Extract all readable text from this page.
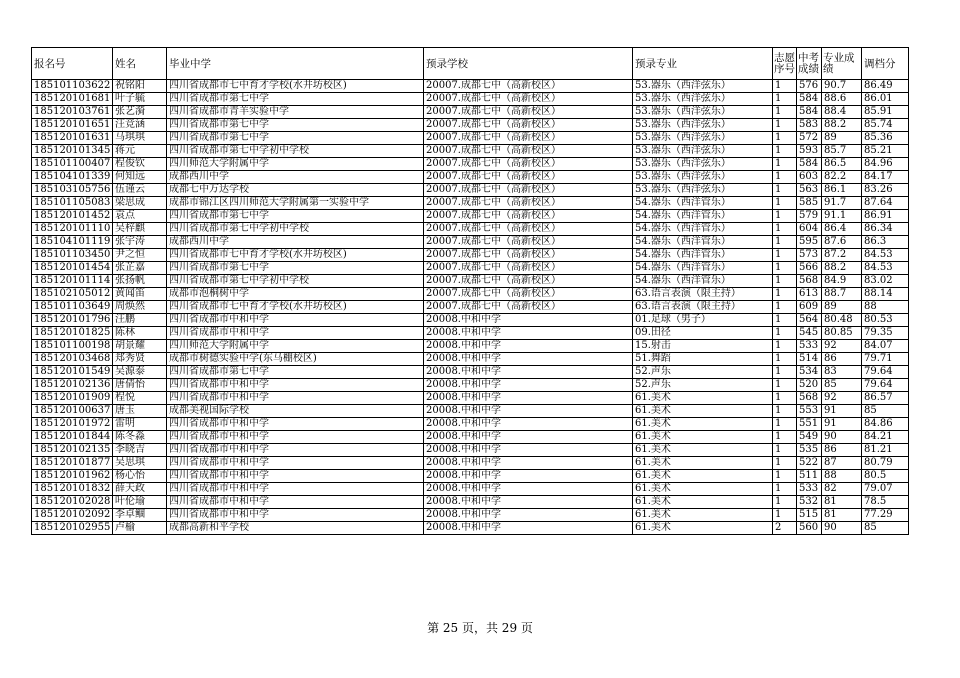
报名号	姓名	毕业中学	预录学校	预录专业	志愿序号	中考成绩	专业成绩	调档分
185101103622	祝铭阳	四川省成都市七中育才学校(水井坊校区)	20007.成都七中（高新校区）	53.器乐（西洋弦乐）	1	576	90.7	86.49
185120101681	叶子毓	四川省成都市第七中学	20007.成都七中（高新校区）	53.器乐（西洋弦乐）	1	584	88.6	86.01
185120103761	张艺漪	四川省成都市青羊实验中学	20007.成都七中（高新校区）	53.器乐（西洋弦乐）	1	584	88.4	85.91
185120101651	汪竞涵	四川省成都市第七中学	20007.成都七中（高新校区）	53.器乐（西洋弦乐）	1	583	88.2	85.74
185120101631	马琪琪	四川省成都市第七中学	20007.成都七中（高新校区）	53.器乐（西洋弦乐）	1	572	89	85.36
185120101345	蒋元	四川省成都市第七中学初中学校	20007.成都七中（高新校区）	53.器乐（西洋弦乐）	1	593	85.7	85.21
185101100407	程俊钦	四川师范大学附属中学	20007.成都七中（高新校区）	53.器乐（西洋弦乐）	1	584	86.5	84.96
185104101339	何知远	成都西川中学	20007.成都七中（高新校区）	53.器乐（西洋弦乐）	1	603	82.2	84.17
185103105756	伍谨云	成都七中万达学校	20007.成都七中（高新校区）	53.器乐（西洋弦乐）	1	563	86.1	83.26
185101105083	梁思成	成都市锦江区四川师范大学附属第一实验中学	20007.成都七中（高新校区）	54.器乐（西洋管乐）	1	585	91.7	87.64
185120101452	袁点	四川省成都市第七中学	20007.成都七中（高新校区）	54.器乐（西洋管乐）	1	579	91.1	86.91
185120101110	吴梓麒	四川省成都市第七中学初中学校	20007.成都七中（高新校区）	54.器乐（西洋管乐）	1	604	86.4	86.34
185104101119	张宇涛	成都西川中学	20007.成都七中（高新校区）	54.器乐（西洋管乐）	1	595	87.6	86.3
185101103450	尹之恒	四川省成都市七中育才学校(水井坊校区)	20007.成都七中（高新校区）	54.器乐（西洋管乐）	1	573	87.2	84.53
185120101454	张芷嘉	四川省成都市第七中学	20007.成都七中（高新校区）	54.器乐（西洋管乐）	1	566	88.2	84.53
185120101114	张扬帆	四川省成都市第七中学初中学校	20007.成都七中（高新校区）	54.器乐（西洋管乐）	1	568	84.9	83.02
185102105012	黄闻笛	成都市泡桐树中学	20007.成都七中（高新校区）	63.语言表演（限主持）	1	613	88.7	88.14
185101103649	周焕然	四川省成都市七中育才学校(水井坊校区)	20007.成都七中（高新校区）	63.语言表演（限主持）	1	609	89	88
185120101796	汪鹏	四川省成都市中和中学	20008.中和中学	01.足球（男子）	1	564	80.48	80.53
185120101825	陈林	四川省成都市中和中学	20008.中和中学	09.田径	1	545	80.85	79.35
185101100198	胡景耀	四川师范大学附属中学	20008.中和中学	15.射击	1	533	92	84.07
185120103468	郑秀贤	成都市树德实验中学(东马棚校区)	20008.中和中学	51.舞蹈	1	514	86	79.71
185120101549	吴源泰	四川省成都市第七中学	20008.中和中学	52.声乐	1	534	83	79.64
185120102136	唐倩怡	四川省成都市中和中学	20008.中和中学	52.声乐	1	520	85	79.64
185120101909	程悦	四川省成都市中和中学	20008.中和中学	61.美术	1	568	92	86.57
185120100637	唐玉	成都美视国际学校	20008.中和中学	61.美术	1	553	91	85
185120101972	雷明	四川省成都市中和中学	20008.中和中学	61.美术	1	551	91	84.86
185120101844	陈冬淼	四川省成都市中和中学	20008.中和中学	61.美术	1	549	90	84.21
185120102135	李晓吉	四川省成都市中和中学	20008.中和中学	61.美术	1	535	86	81.21
185120101877	吴思琪	四川省成都市中和中学	20008.中和中学	61.美术	1	522	87	80.79
185120101962	杨心怡	四川省成都市中和中学	20008.中和中学	61.美术	1	511	88	80.5
185120101832	薛天政	四川省成都市中和中学	20008.中和中学	61.美术	1	533	82	79.07
185120102028	叶伦瑜	四川省成都市中和中学	20008.中和中学	61.美术	1	532	81	78.5
185120102092	李卓鲴	四川省成都市中和中学	20008.中和中学	61.美术	1	515	81	77.29
185120102955	卢榆	成都高新和平学校	20008.中和中学	61.美术	2	560	90	85
第 25 页，共 29 页
